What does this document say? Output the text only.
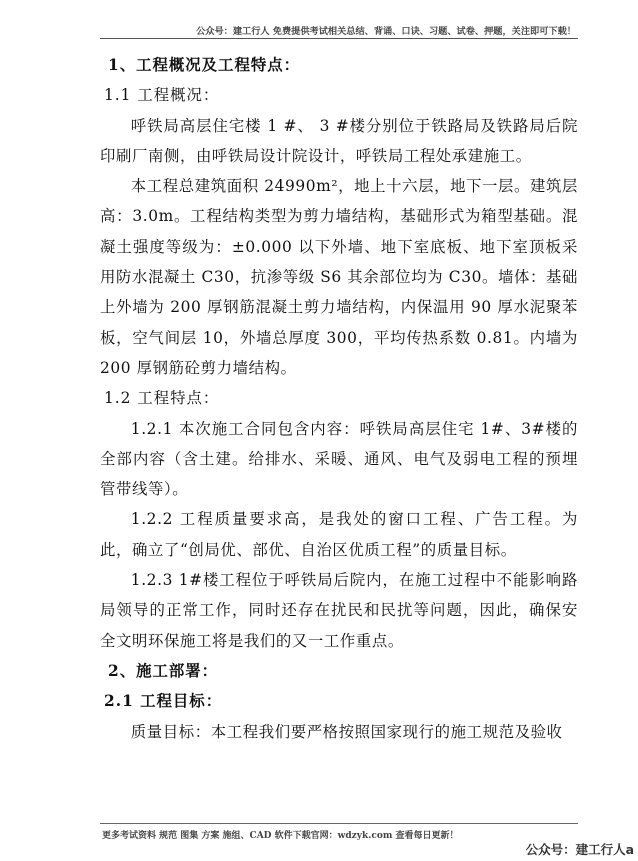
公众号：建工行人 免费提供考试相关总结、背诵、口诀、习题、试卷、押题，关注即可下载！

1、工程概况及工程特点：

1.1 工程概况：

呼铁局高层住宅楼 1 #、 3 #楼分别位于铁路局及铁路局后院印刷厂南侧，由呼铁局设计院设计，呼铁局工程处承建施工。

本工程总建筑面积 24990m²，地上十六层，地下一层。建筑层高：3.0m。工程结构类型为剪力墙结构，基础形式为箱型基础。混凝土强度等级为：±0.000 以下外墙、地下室底板、地下室顶板采用防水混凝土 C30，抗渗等级 S6 其余部位均为 C30。墙体：基础上外墙为 200 厚钢筋混凝土剪力墙结构，内保温用 90 厚水泥聚苯板，空气间层 10，外墙总厚度 300，平均传热系数 0.81。内墙为 200 厚钢筋砼剪力墙结构。

1.2 工程特点：

1.2.1 本次施工合同包含内容：呼铁局高层住宅 1#、3#楼的全部内容（含土建。给排水、采暖、通风、电气及弱电工程的预埋管带线等）。

1.2.2 工程质量要求高，是我处的窗口工程、广告工程。为此，确立了“创局优、部优、自治区优质工程”的质量目标。

1.2.3 1#楼工程位于呼铁局后院内，在施工过程中不能影响路局领导的正常工作，同时还存在扰民和民扰等问题，因此，确保安全文明环保施工将是我们的又一工作重点。

2、施工部署：

2.1 工程目标：

质量目标：本工程我们要严格按照国家现行的施工规范及验收

更多考试资料 规范 图集 方案 施组、CAD 软件下载官网：wdzyk.com 查看每日更新！
公众号：建工行人a
